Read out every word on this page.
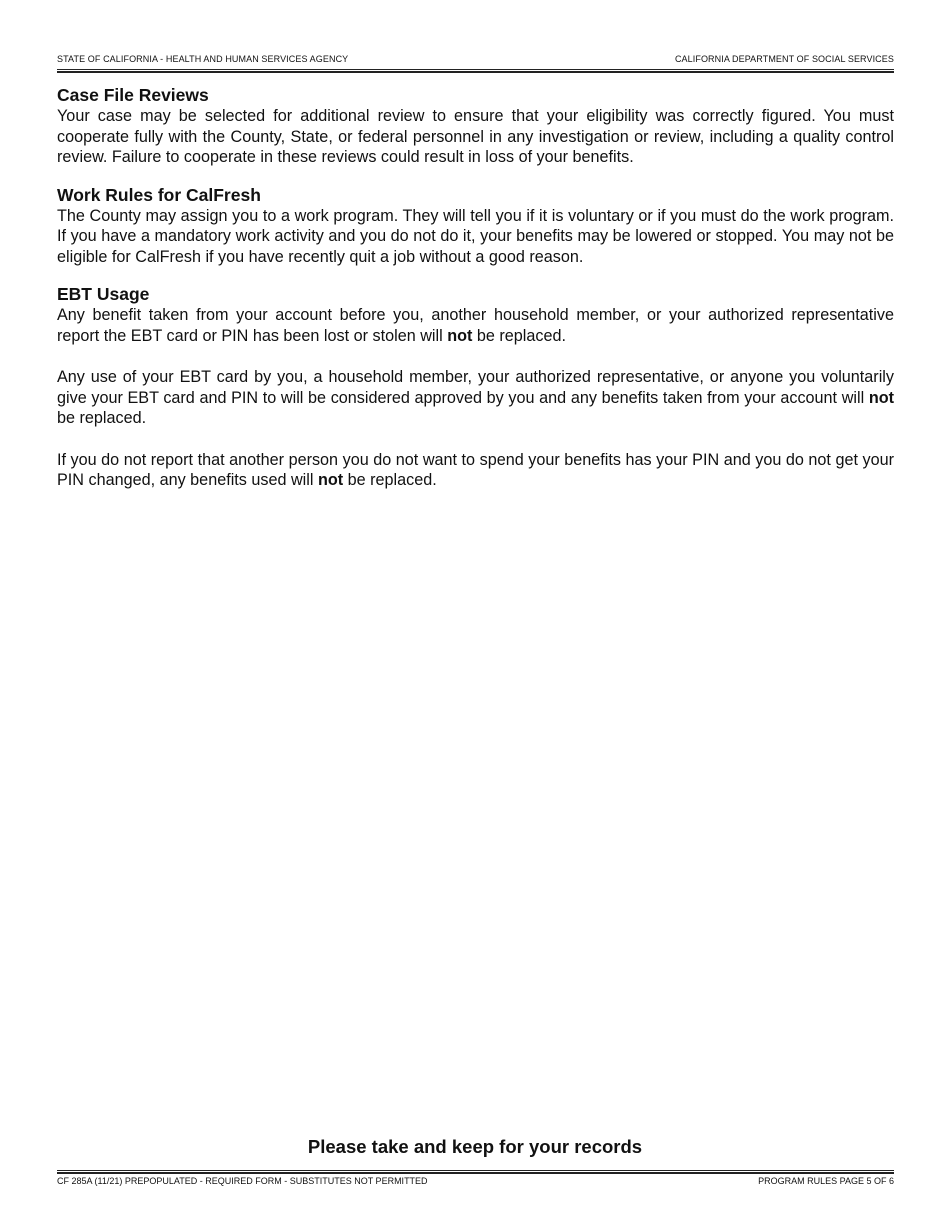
STATE OF CALIFORNIA - HEALTH AND HUMAN SERVICES AGENCY	CALIFORNIA DEPARTMENT OF SOCIAL SERVICES
Case File Reviews

Your case may be selected for additional review to ensure that your eligibility was correctly figured. You must cooperate fully with the County, State, or federal personnel in any investigation or review, including a quality control review. Failure to cooperate in these reviews could result in loss of your benefits.

Work Rules for CalFresh

The County may assign you to a work program. They will tell you if it is voluntary or if you must do the work program. If you have a mandatory work activity and you do not do it, your benefits may be lowered or stopped. You may not be eligible for CalFresh if you have recently quit a job without a good reason.

EBT Usage

Any benefit taken from your account before you, another household member, or your authorized representative report the EBT card or PIN has been lost or stolen will not be replaced.

Any use of your EBT card by you, a household member, your authorized representative, or anyone you voluntarily give your EBT card and PIN to will be considered approved by you and any benefits taken from your account will not be replaced.

If you do not report that another person you do not want to spend your benefits has your PIN and you do not get your PIN changed, any benefits used will not be replaced.

Please take and keep for your records
CF 285A (11/21) PREPOPULATED - REQUIRED FORM - SUBSTITUTES NOT PERMITTED	PROGRAM RULES PAGE 5 OF 6
